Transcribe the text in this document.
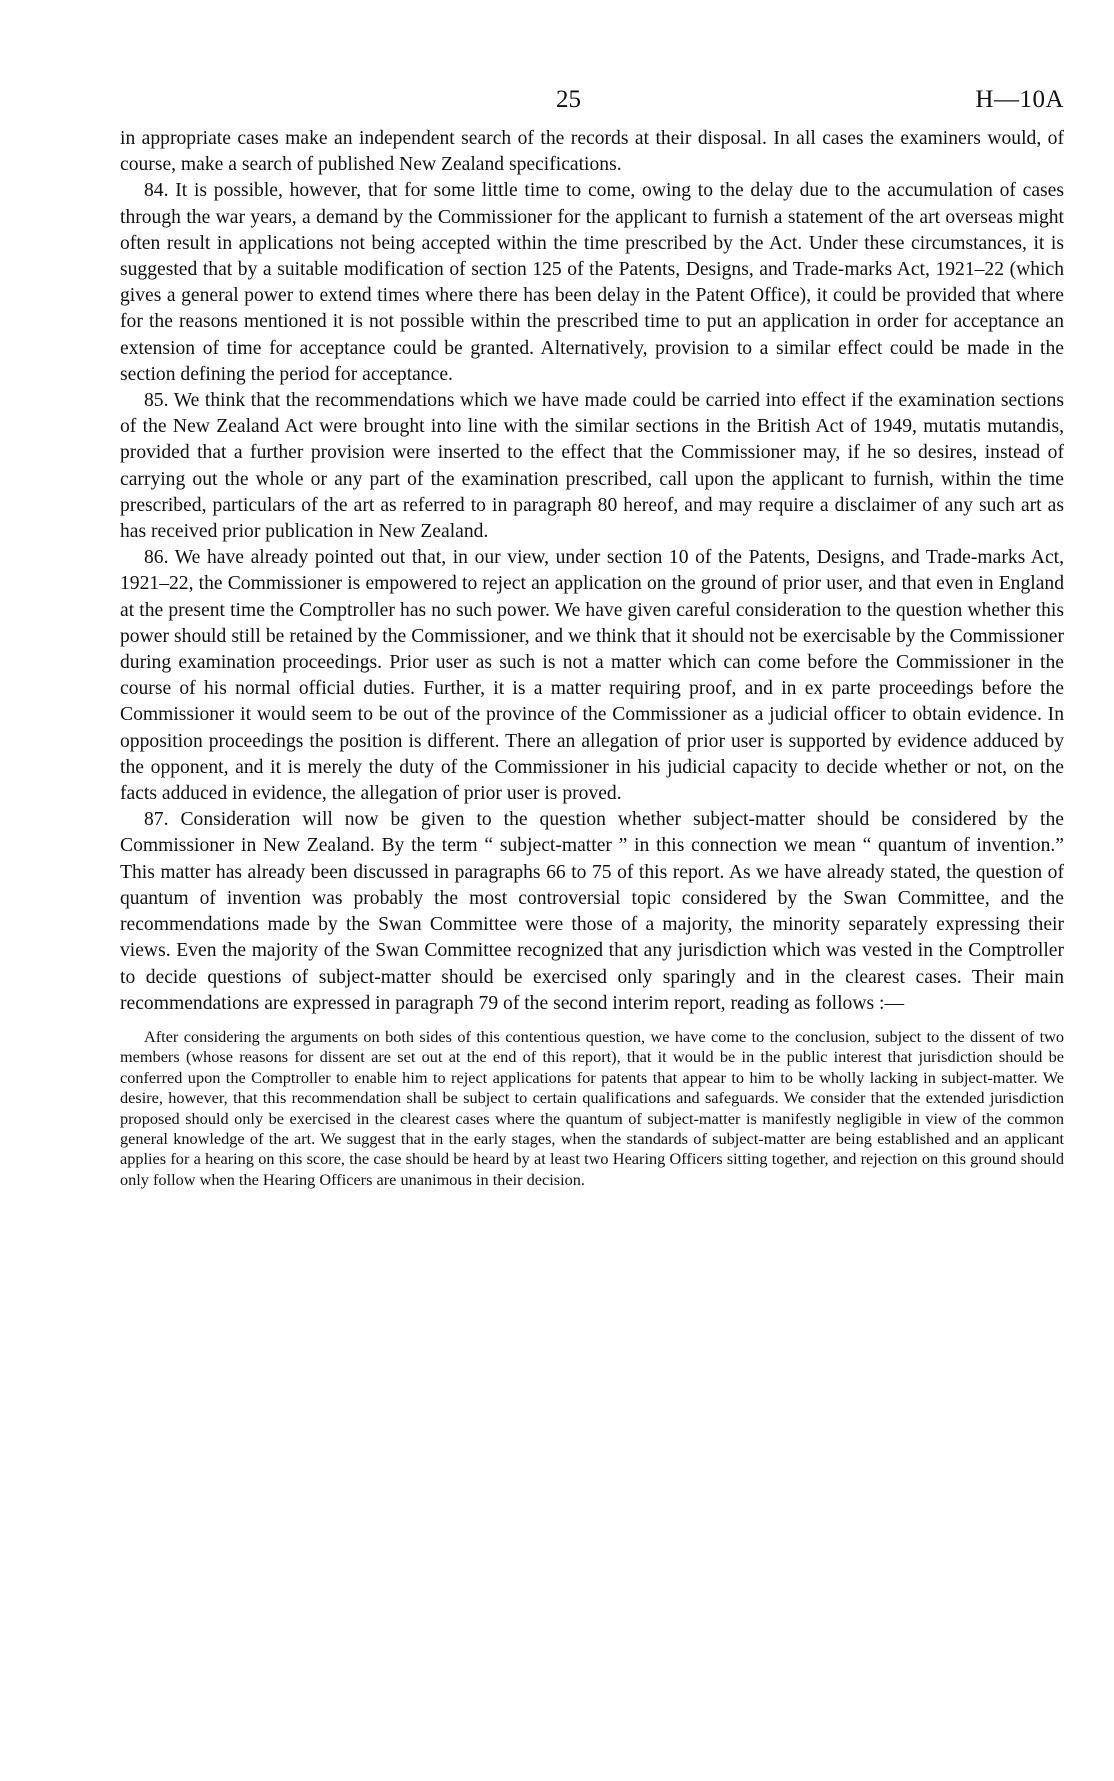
25	H—10A

in appropriate cases make an independent search of the records at their disposal. In all cases the examiners would, of course, make a search of published New Zealand specifications.

84. It is possible, however, that for some little time to come, owing to the delay due to the accumulation of cases through the war years, a demand by the Commissioner for the applicant to furnish a statement of the art overseas might often result in applications not being accepted within the time prescribed by the Act. Under these circumstances, it is suggested that by a suitable modification of section 125 of the Patents, Designs, and Trade-marks Act, 1921–22 (which gives a general power to extend times where there has been delay in the Patent Office), it could be provided that where for the reasons mentioned it is not possible within the prescribed time to put an application in order for acceptance an extension of time for acceptance could be granted. Alternatively, provision to a similar effect could be made in the section defining the period for acceptance.

85. We think that the recommendations which we have made could be carried into effect if the examination sections of the New Zealand Act were brought into line with the similar sections in the British Act of 1949, mutatis mutandis, provided that a further provision were inserted to the effect that the Commissioner may, if he so desires, instead of carrying out the whole or any part of the examination prescribed, call upon the applicant to furnish, within the time prescribed, particulars of the art as referred to in paragraph 80 hereof, and may require a disclaimer of any such art as has received prior publication in New Zealand.

86. We have already pointed out that, in our view, under section 10 of the Patents, Designs, and Trade-marks Act, 1921–22, the Commissioner is empowered to reject an application on the ground of prior user, and that even in England at the present time the Comptroller has no such power. We have given careful consideration to the question whether this power should still be retained by the Commissioner, and we think that it should not be exercisable by the Commissioner during examination proceedings. Prior user as such is not a matter which can come before the Commissioner in the course of his normal official duties. Further, it is a matter requiring proof, and in ex parte proceedings before the Commissioner it would seem to be out of the province of the Commissioner as a judicial officer to obtain evidence. In opposition proceedings the position is different. There an allegation of prior user is supported by evidence adduced by the opponent, and it is merely the duty of the Commissioner in his judicial capacity to decide whether or not, on the facts adduced in evidence, the allegation of prior user is proved.

87. Consideration will now be given to the question whether subject-matter should be considered by the Commissioner in New Zealand. By the term “ subject-matter ” in this connection we mean “ quantum of invention.” This matter has already been discussed in paragraphs 66 to 75 of this report. As we have already stated, the question of quantum of invention was probably the most controversial topic considered by the Swan Committee, and the recommendations made by the Swan Committee were those of a majority, the minority separately expressing their views. Even the majority of the Swan Committee recognized that any jurisdiction which was vested in the Comptroller to decide questions of subject-matter should be exercised only sparingly and in the clearest cases. Their main recommendations are expressed in paragraph 79 of the second interim report, reading as follows :—

After considering the arguments on both sides of this contentious question, we have come to the conclusion, subject to the dissent of two members (whose reasons for dissent are set out at the end of this report), that it would be in the public interest that jurisdiction should be conferred upon the Comptroller to enable him to reject applications for patents that appear to him to be wholly lacking in subject-matter. We desire, however, that this recommendation shall be subject to certain qualifications and safeguards. We consider that the extended jurisdiction proposed should only be exercised in the clearest cases where the quantum of subject-matter is manifestly negligible in view of the common general knowledge of the art. We suggest that in the early stages, when the standards of subject-matter are being established and an applicant applies for a hearing on this score, the case should be heard by at least two Hearing Officers sitting together, and rejection on this ground should only follow when the Hearing Officers are unanimous in their decision.
